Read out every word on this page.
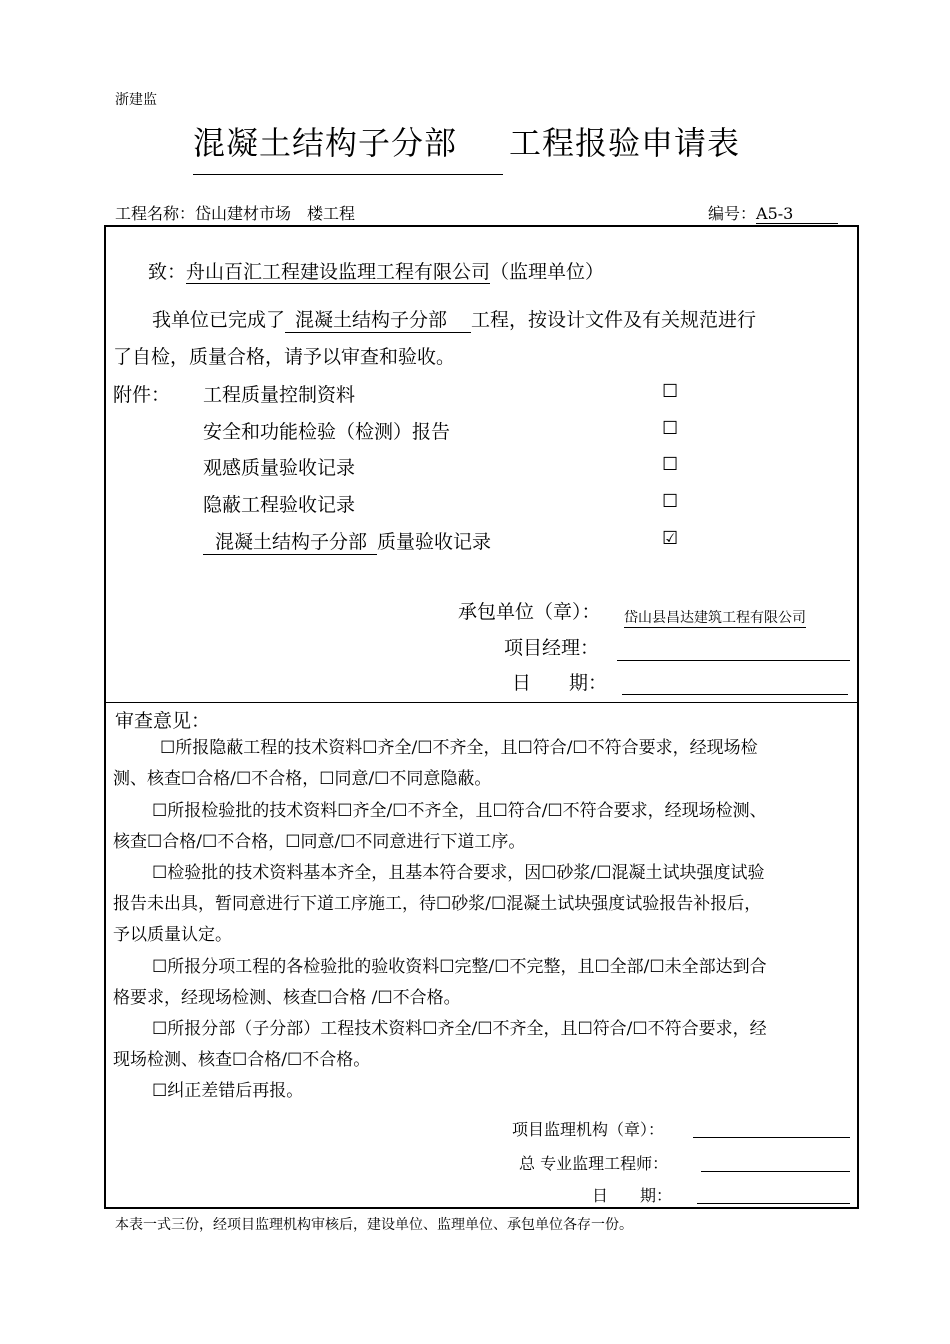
浙建监
混凝土结构子分部 工程报验申请表
工程名称：岱山建材市场　楼工程	编号：A5-3
致：舟山百汇工程建设监理工程有限公司（监理单位）
我单位已完成了 混凝土结构子分部 工程，按设计文件及有关规范进行
了自检，质量合格，请予以审查和验收。
附件： 工程质量控制资料	☐
安全和功能检验（检测）报告	☐
观感质量验收记录	☐
隐蔽工程验收记录	☐
混凝土结构子分部 质量验收记录	☑
承包单位（章）： 岱山县昌达建筑工程有限公司
项目经理：
日　　期：
审查意见：
☐所报隐蔽工程的技术资料☐齐全/☐不齐全，且☐符合/☐不符合要求，经现场检
测、核查☐合格/☐不合格，☐同意/☐不同意隐蔽。
☐所报检验批的技术资料☐齐全/☐不齐全，且☐符合/☐不符合要求，经现场检测、
核查☐合格/☐不合格，☐同意/☐不同意进行下道工序。
☐检验批的技术资料基本齐全，且基本符合要求，因☐砂浆/☐混凝土试块强度试验
报告未出具，暂同意进行下道工序施工，待☐砂浆/☐混凝土试块强度试验报告补报后，
予以质量认定。
☐所报分项工程的各检验批的验收资料☐完整/☐不完整，且☐全部/☐未全部达到合
格要求，经现场检测、核查☐合格 /☐不合格。
☐所报分部（子分部）工程技术资料☐齐全/☐不齐全，且☐符合/☐不符合要求，经
现场检测、核查☐合格/☐不合格。
☐纠正差错后再报。
项目监理机构（章）：
总 专业监理工程师：
日　　期：
本表一式三份，经项目监理机构审核后，建设单位、监理单位、承包单位各存一份。
